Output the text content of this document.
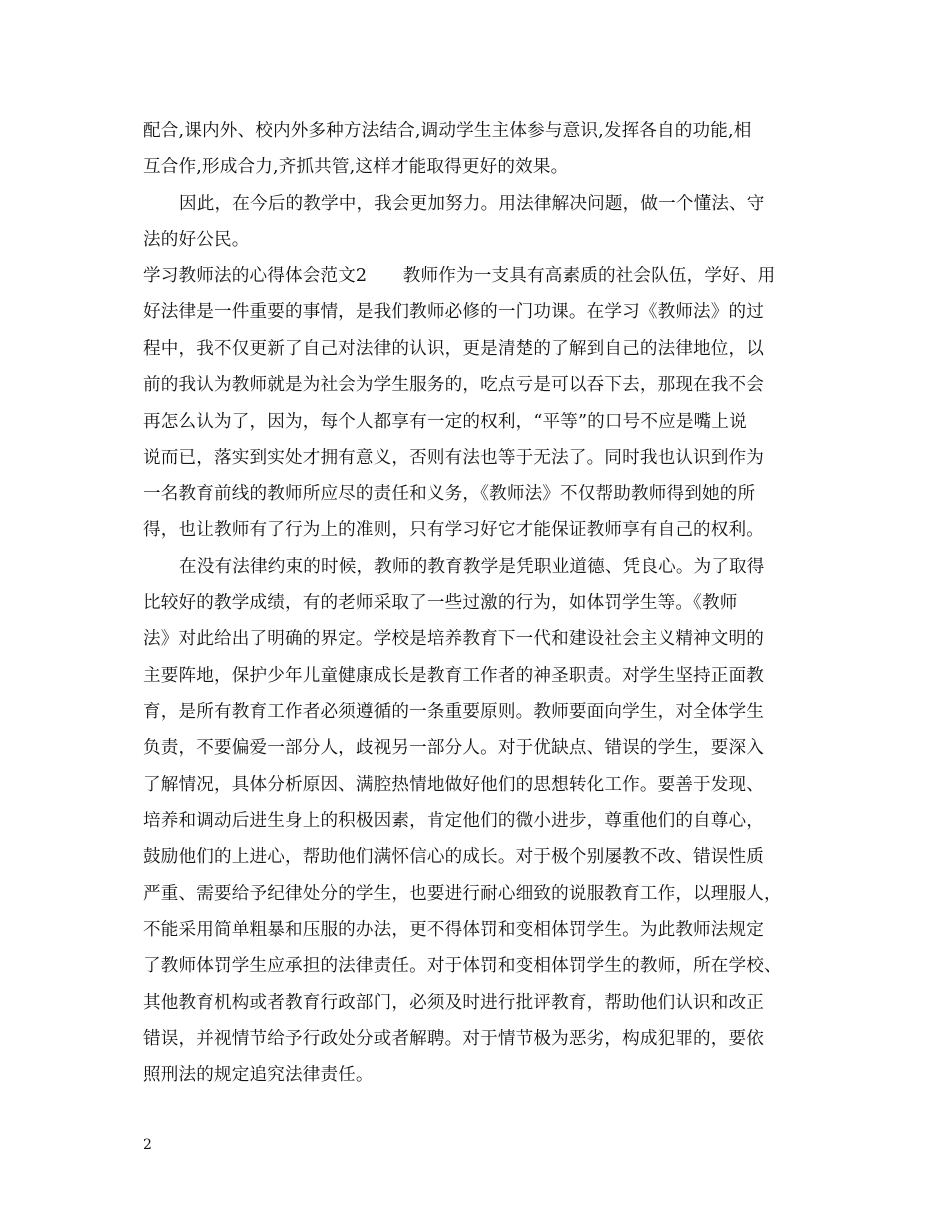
配合,课内外、校内外多种方法结合,调动学生主体参与意识,发挥各自的功能,相
互合作,形成合力,齐抓共管,这样才能取得更好的效果。
因此，在今后的教学中，我会更加努力。用法律解决问题，做一个懂法、守
法的好公民。
学习教师法的心得体会范文2　　教师作为一支具有高素质的社会队伍，学好、用
好法律是一件重要的事情，是我们教师必修的一门功课。在学习《教师法》的过
程中，我不仅更新了自己对法律的认识，更是清楚的了解到自己的法律地位，以
前的我认为教师就是为社会为学生服务的，吃点亏是可以吞下去，那现在我不会
再怎么认为了，因为，每个人都享有一定的权利，“平等”的口号不应是嘴上说
说而已，落实到实处才拥有意义，否则有法也等于无法了。同时我也认识到作为
一名教育前线的教师所应尽的责任和义务，《教师法》不仅帮助教师得到她的所
得，也让教师有了行为上的准则，只有学习好它才能保证教师享有自己的权利。
在没有法律约束的时候，教师的教育教学是凭职业道德、凭良心。为了取得
比较好的教学成绩，有的老师采取了一些过激的行为，如体罚学生等。《教师
法》对此给出了明确的界定。学校是培养教育下一代和建设社会主义精神文明的
主要阵地，保护少年儿童健康成长是教育工作者的神圣职责。对学生坚持正面教
育，是所有教育工作者必须遵循的一条重要原则。教师要面向学生，对全体学生
负责，不要偏爱一部分人，歧视另一部分人。对于优缺点、错误的学生，要深入
了解情况，具体分析原因、满腔热情地做好他们的思想转化工作。要善于发现、
培养和调动后进生身上的积极因素，肯定他们的微小进步，尊重他们的自尊心，
鼓励他们的上进心，帮助他们满怀信心的成长。对于极个别屡教不改、错误性质
严重、需要给予纪律处分的学生，也要进行耐心细致的说服教育工作，以理服人，
不能采用简单粗暴和压服的办法，更不得体罚和变相体罚学生。为此教师法规定
了教师体罚学生应承担的法律责任。对于体罚和变相体罚学生的教师，所在学校、
其他教育机构或者教育行政部门，必须及时进行批评教育，帮助他们认识和改正
错误，并视情节给予行政处分或者解聘。对于情节极为恶劣，构成犯罪的，要依
照刑法的规定追究法律责任。
2
